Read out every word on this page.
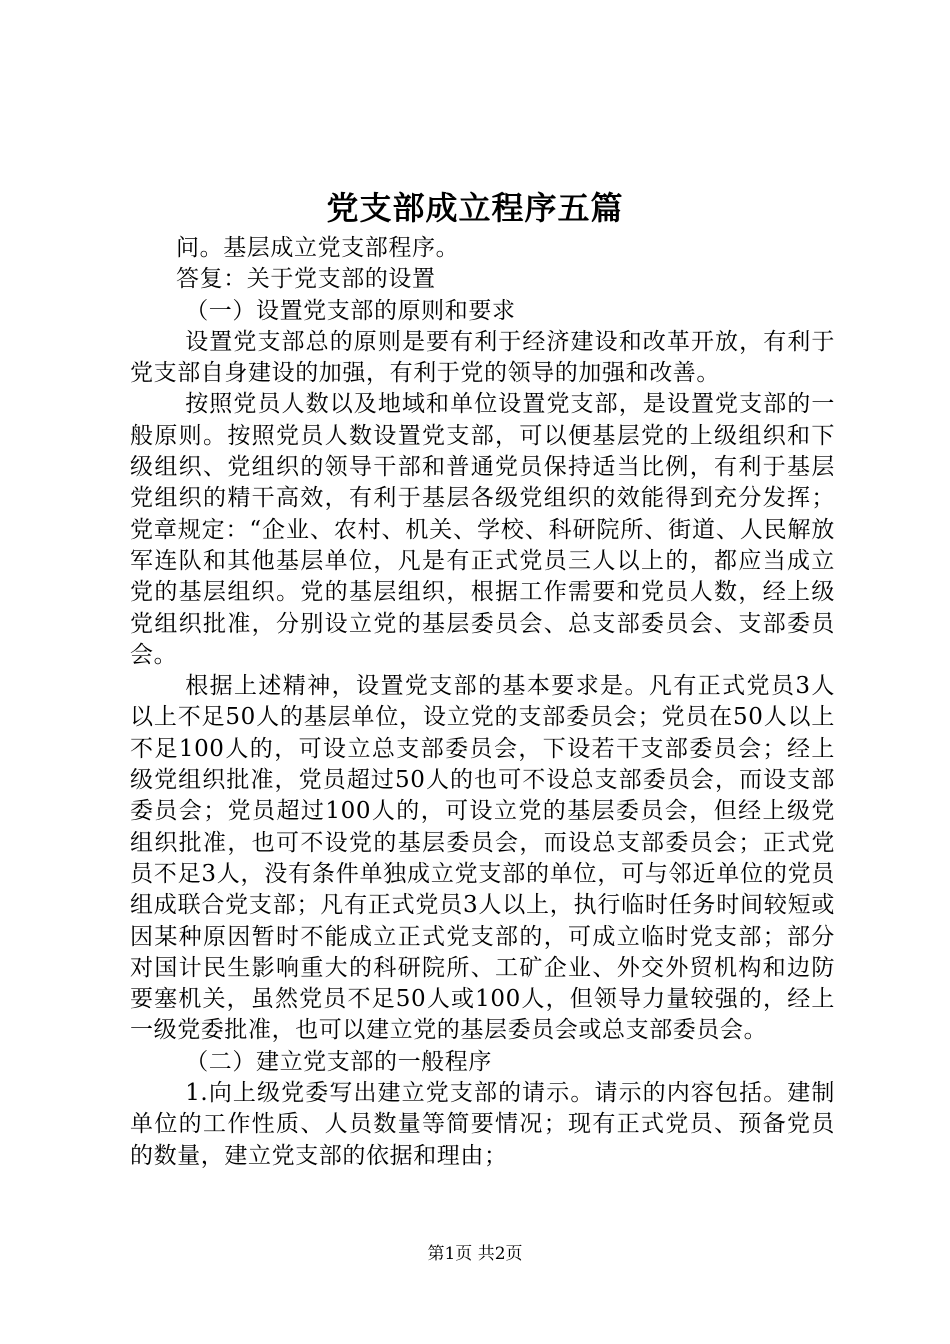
党支部成立程序五篇

问。基层成立党支部程序。

答复：关于党支部的设置

（一）设置党支部的原则和要求

设置党支部总的原则是要有利于经济建设和改革开放，有利于党支部自身建设的加强，有利于党的领导的加强和改善。

按照党员人数以及地域和单位设置党支部，是设置党支部的一般原则。按照党员人数设置党支部，可以便基层党的上级组织和下级组织、党组织的领导干部和普通党员保持适当比例，有利于基层党组织的精干高效，有利于基层各级党组织的效能得到充分发挥；党章规定：“企业、农村、机关、学校、科研院所、街道、人民解放军连队和其他基层单位，凡是有正式党员三人以上的，都应当成立党的基层组织。党的基层组织，根据工作需要和党员人数，经上级党组织批准，分别设立党的基层委员会、总支部委员会、支部委员会。

根据上述精神，设置党支部的基本要求是。凡有正式党员3人以上不足50人的基层单位，设立党的支部委员会；党员在50人以上不足100人的，可设立总支部委员会，下设若干支部委员会；经上级党组织批准，党员超过50人的也可不设总支部委员会，而设支部委员会；党员超过100人的，可设立党的基层委员会，但经上级党组织批准，也可不设党的基层委员会，而设总支部委员会；正式党员不足3人，没有条件单独成立党支部的单位，可与邻近单位的党员组成联合党支部；凡有正式党员3人以上，执行临时任务时间较短或因某种原因暂时不能成立正式党支部的，可成立临时党支部；部分对国计民生影响重大的科研院所、工矿企业、外交外贸机构和边防要塞机关，虽然党员不足50人或100人，但领导力量较强的，经上一级党委批准，也可以建立党的基层委员会或总支部委员会。

（二）建立党支部的一般程序

1.向上级党委写出建立党支部的请示。请示的内容包括。建制单位的工作性质、人员数量等简要情况；现有正式党员、预备党员的数量，建立党支部的依据和理由；

第1页 共2页
